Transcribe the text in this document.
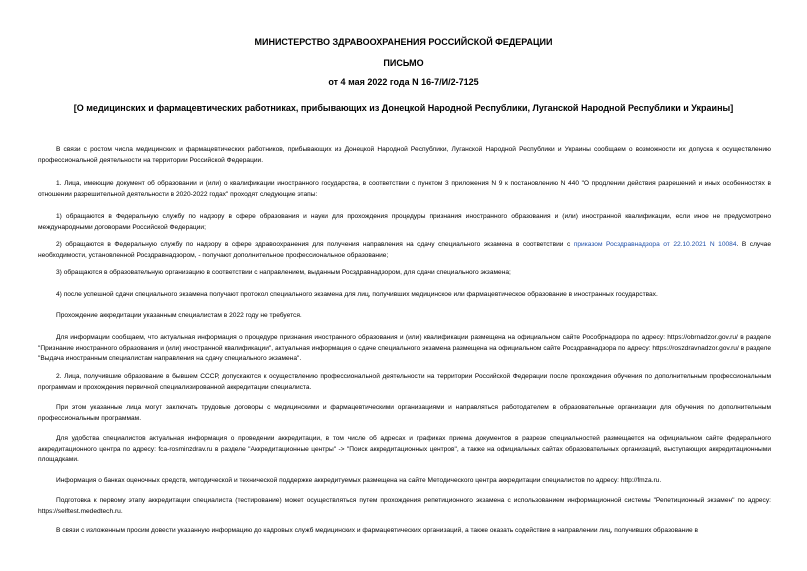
МИНИСТЕРСТВО ЗДРАВООХРАНЕНИЯ РОССИЙСКОЙ ФЕДЕРАЦИИ
ПИСЬМО
от 4 мая 2022 года N 16-7/И/2-7125
[О медицинских и фармацевтических работниках, прибывающих из Донецкой Народной Республики, Луганской Народной Республики и Украины]
В связи с ростом числа медицинских и фармацевтических работников, прибывающих из Донецкой Народной Республики, Луганской Народной Республики и Украины сообщаем о возможности их допуска к осуществлению профессиональной деятельности на территории Российской Федерации.
1. Лица, имеющие документ об образовании и (или) о квалификации иностранного государства, в соответствии с пунктом 3 приложения N 9 к постановлению N 440 "О продлении действия разрешений и иных особенностях в отношении разрешительной деятельности в 2020-2022 годах" проходят следующие этапы:
1) обращаются в Федеральную службу по надзору в сфере образования и науки для прохождения процедуры признания иностранного образования и (или) иностранной квалификации, если иное не предусмотрено международными договорами Российской Федерации;
2) обращаются в Федеральную службу по надзору в сфере здравоохранения для получения направления на сдачу специального экзамена в соответствии с приказом Росздравнадзора от 22.10.2021 N 10084. В случае необходимости, установленной Росздравнадзором, - получают дополнительное профессиональное образование;
3) обращаются в образовательную организацию в соответствии с направлением, выданным Росздравнадзором, для сдачи специального экзамена;
4) после успешной сдачи специального экзамена получают протокол специального экзамена для лиц, получивших медицинское или фармацевтическое образование в иностранных государствах.
Прохождение аккредитации указанным специалистам в 2022 году не требуется.
Для информации сообщаем, что актуальная информация о процедуре признания иностранного образования и (или) квалификации размещена на официальном сайте Рособрнадзора по адресу: https://obrnadzor.gov.ru/ в разделе "Признание иностранного образования и (или) иностранной квалификации", актуальная информация о сдаче специального экзамена размещена на официальном сайте Росздравнадзора по адресу: https://roszdravnadzor.gov.ru/ в разделе "Выдача иностранным специалистам направления на сдачу специального экзамена".
2. Лица, получившие образование в бывшем СССР, допускаются к осуществлению профессиональной деятельности на территории Российской Федерации после прохождения обучения по дополнительным профессиональным программам и прохождения первичной специализированной аккредитации специалиста.
При этом указанные лица могут заключать трудовые договоры с медицинскими и фармацевтическими организациями и направляться работодателем в образовательные организации для обучения по дополнительным профессиональным программам.
Для удобства специалистов актуальная информация о проведении аккредитации, в том числе об адресах и графиках приема документов в разрезе специальностей размещается на официальном сайте федерального аккредитационного центра по адресу: fca-rosminzdrav.ru в разделе "Аккредитационные центры" -> "Поиск аккредитационных центров", а также на официальных сайтах образовательных организаций, выступающих аккредитационными площадками.
Информация о банках оценочных средств, методической и технической поддержке аккредитуемых размещена на сайте Методического центра аккредитации специалистов по адресу: http://fmza.ru.
Подготовка к первому этапу аккредитации специалиста (тестирование) может осуществляться путем прохождения репетиционного экзамена с использованием информационной системы "Репетиционный экзамен" по адресу: https://selftest.mededtech.ru.
В связи с изложенным просим довести указанную информацию до кадровых служб медицинских и фармацевтических организаций, а также оказать содействие в направлении лиц, получивших образование в
